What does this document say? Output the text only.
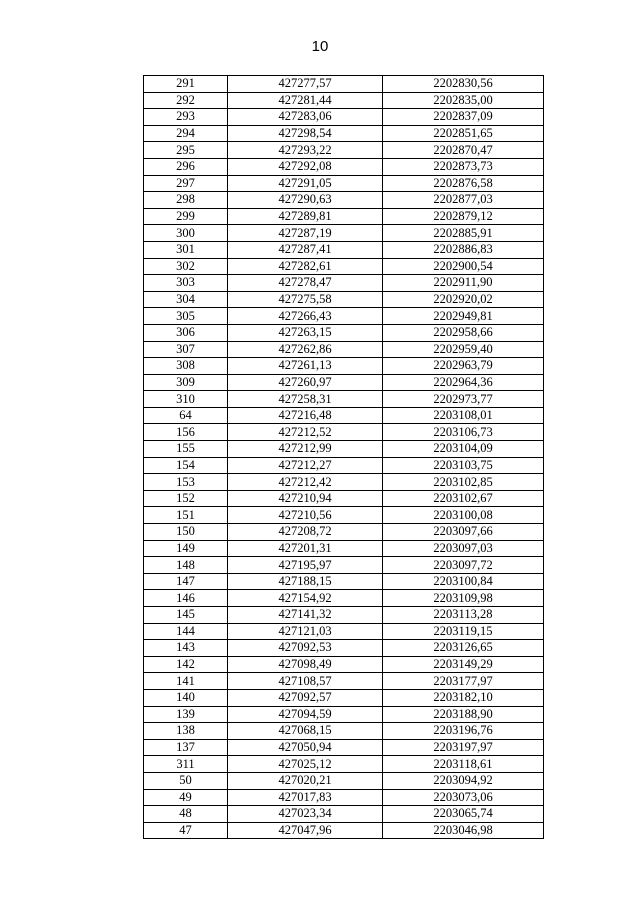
10
291	427277,57	2202830,56
292	427281,44	2202835,00
293	427283,06	2202837,09
294	427298,54	2202851,65
295	427293,22	2202870,47
296	427292,08	2202873,73
297	427291,05	2202876,58
298	427290,63	2202877,03
299	427289,81	2202879,12
300	427287,19	2202885,91
301	427287,41	2202886,83
302	427282,61	2202900,54
303	427278,47	2202911,90
304	427275,58	2202920,02
305	427266,43	2202949,81
306	427263,15	2202958,66
307	427262,86	2202959,40
308	427261,13	2202963,79
309	427260,97	2202964,36
310	427258,31	2202973,77
64	427216,48	2203108,01
156	427212,52	2203106,73
155	427212,99	2203104,09
154	427212,27	2203103,75
153	427212,42	2203102,85
152	427210,94	2203102,67
151	427210,56	2203100,08
150	427208,72	2203097,66
149	427201,31	2203097,03
148	427195,97	2203097,72
147	427188,15	2203100,84
146	427154,92	2203109,98
145	427141,32	2203113,28
144	427121,03	2203119,15
143	427092,53	2203126,65
142	427098,49	2203149,29
141	427108,57	2203177,97
140	427092,57	2203182,10
139	427094,59	2203188,90
138	427068,15	2203196,76
137	427050,94	2203197,97
311	427025,12	2203118,61
50	427020,21	2203094,92
49	427017,83	2203073,06
48	427023,34	2203065,74
47	427047,96	2203046,98
